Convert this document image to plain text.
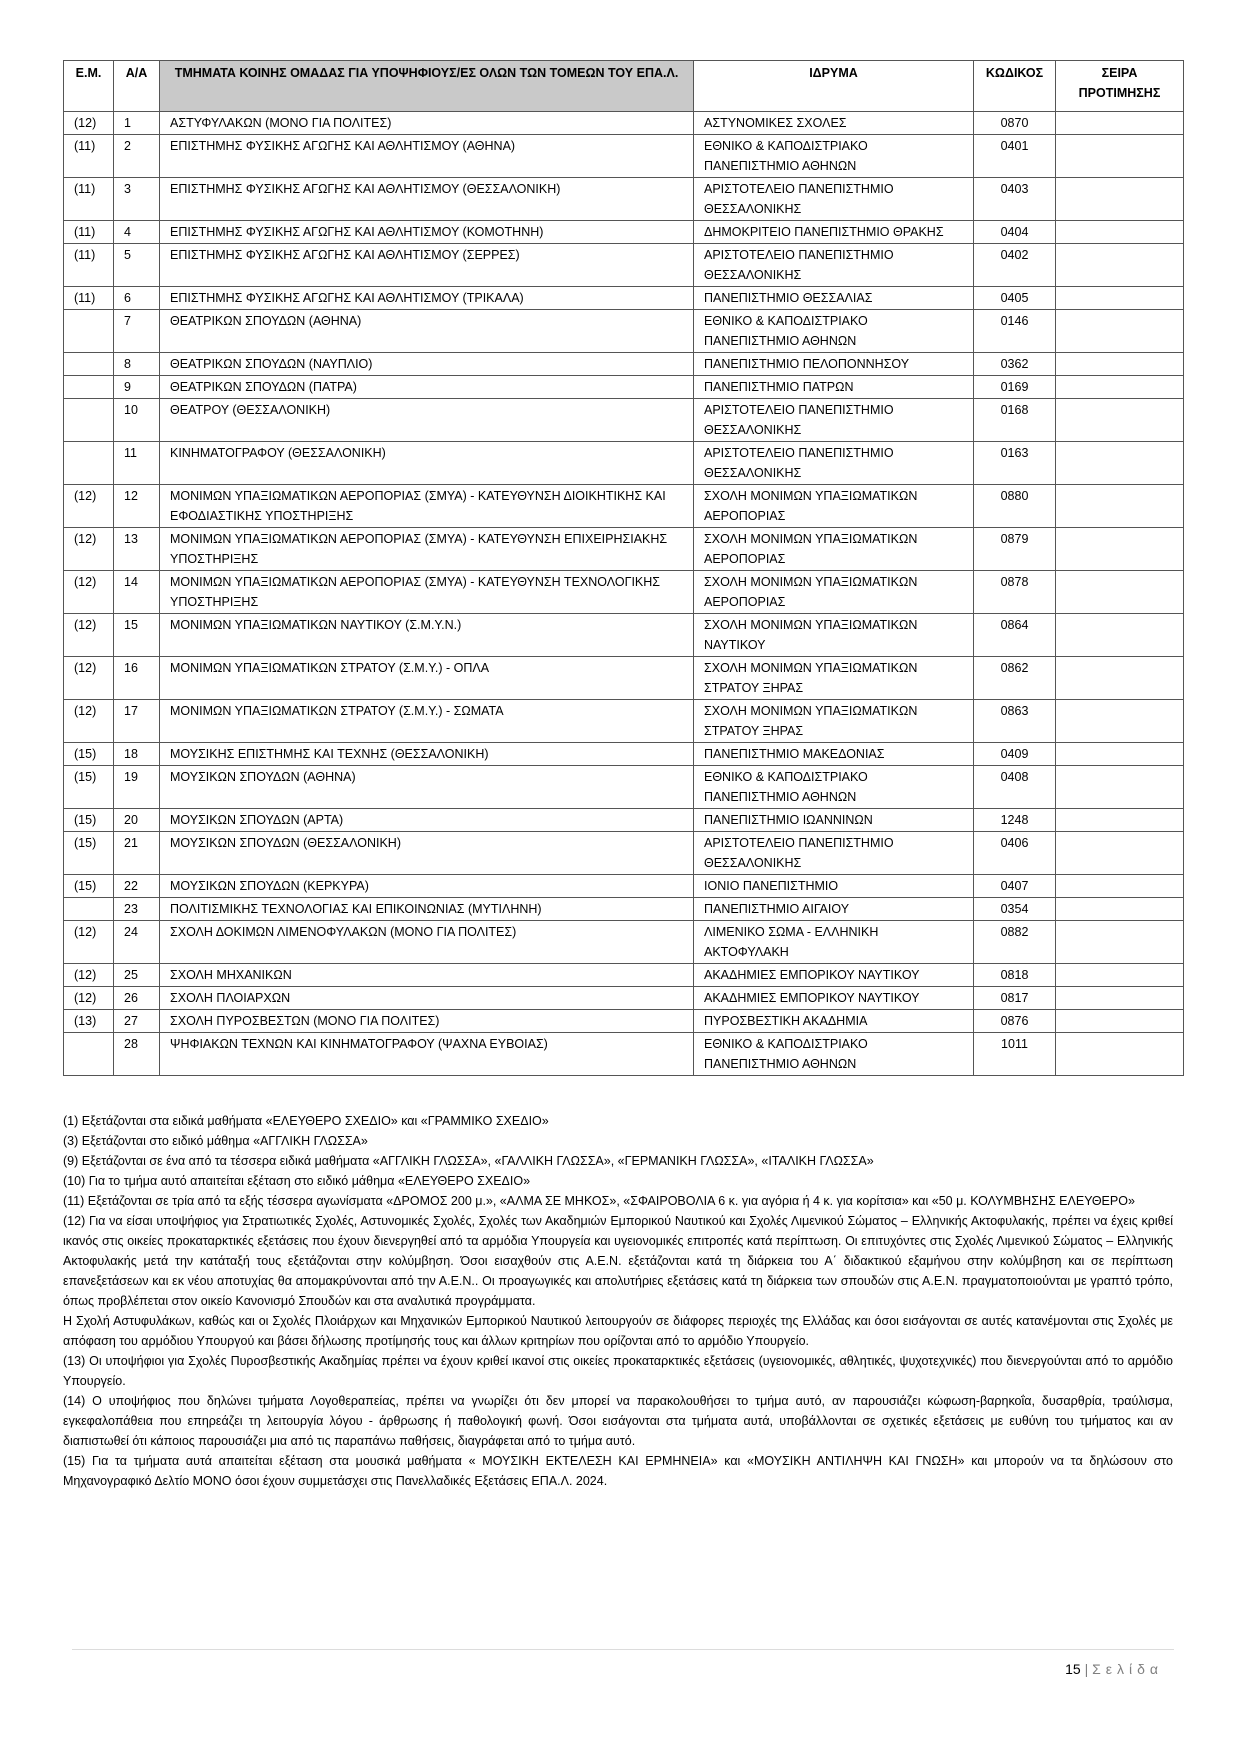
Ε.Μ.	Α/Α	ΤΜΗΜΑΤΑ ΚΟΙΝΗΣ ΟΜΑΔΑΣ ΓΙΑ ΥΠΟΨΗΦΙΟΥΣ/ΕΣ ΟΛΩΝ ΤΩΝ ΤΟΜΕΩΝ ΤΟΥ ΕΠΑ.Λ.	ΙΔΡΥΜΑ	ΚΩΔΙΚΟΣ	ΣΕΙΡΑ ΠΡΟΤΙΜΗΣΗΣ
(12)	1	ΑΣΤΥΦΥΛΑΚΩΝ (ΜΟΝΟ ΓΙΑ ΠΟΛΙΤΕΣ)	ΑΣΤΥΝΟΜΙΚΕΣ ΣΧΟΛΕΣ	0870	
(11)	2	ΕΠΙΣΤΗΜΗΣ ΦΥΣΙΚΗΣ ΑΓΩΓΗΣ ΚΑΙ ΑΘΛΗΤΙΣΜΟΥ (ΑΘΗΝΑ)	ΕΘΝΙΚΟ & ΚΑΠΟΔΙΣΤΡΙΑΚΟ ΠΑΝΕΠΙΣΤΗΜΙΟ ΑΘΗΝΩΝ	0401	
(11)	3	ΕΠΙΣΤΗΜΗΣ ΦΥΣΙΚΗΣ ΑΓΩΓΗΣ ΚΑΙ ΑΘΛΗΤΙΣΜΟΥ (ΘΕΣΣΑΛΟΝΙΚΗ)	ΑΡΙΣΤΟΤΕΛΕΙΟ ΠΑΝΕΠΙΣΤΗΜΙΟ ΘΕΣΣΑΛΟΝΙΚΗΣ	0403	
(11)	4	ΕΠΙΣΤΗΜΗΣ ΦΥΣΙΚΗΣ ΑΓΩΓΗΣ ΚΑΙ ΑΘΛΗΤΙΣΜΟΥ (ΚΟΜΟΤΗΝΗ)	ΔΗΜΟΚΡΙΤΕΙΟ ΠΑΝΕΠΙΣΤΗΜΙΟ ΘΡΑΚΗΣ	0404	
(11)	5	ΕΠΙΣΤΗΜΗΣ ΦΥΣΙΚΗΣ ΑΓΩΓΗΣ ΚΑΙ ΑΘΛΗΤΙΣΜΟΥ (ΣΕΡΡΕΣ)	ΑΡΙΣΤΟΤΕΛΕΙΟ ΠΑΝΕΠΙΣΤΗΜΙΟ ΘΕΣΣΑΛΟΝΙΚΗΣ	0402	
(11)	6	ΕΠΙΣΤΗΜΗΣ ΦΥΣΙΚΗΣ ΑΓΩΓΗΣ ΚΑΙ ΑΘΛΗΤΙΣΜΟΥ (ΤΡΙΚΑΛΑ)	ΠΑΝΕΠΙΣΤΗΜΙΟ ΘΕΣΣΑΛΙΑΣ	0405	
	7	ΘΕΑΤΡΙΚΩΝ ΣΠΟΥΔΩΝ (ΑΘΗΝΑ)	ΕΘΝΙΚΟ & ΚΑΠΟΔΙΣΤΡΙΑΚΟ ΠΑΝΕΠΙΣΤΗΜΙΟ ΑΘΗΝΩΝ	0146	
	8	ΘΕΑΤΡΙΚΩΝ ΣΠΟΥΔΩΝ (ΝΑΥΠΛΙΟ)	ΠΑΝΕΠΙΣΤΗΜΙΟ ΠΕΛΟΠΟΝΝΗΣΟΥ	0362	
	9	ΘΕΑΤΡΙΚΩΝ ΣΠΟΥΔΩΝ (ΠΑΤΡΑ)	ΠΑΝΕΠΙΣΤΗΜΙΟ ΠΑΤΡΩΝ	0169	
	10	ΘΕΑΤΡΟΥ (ΘΕΣΣΑΛΟΝΙΚΗ)	ΑΡΙΣΤΟΤΕΛΕΙΟ ΠΑΝΕΠΙΣΤΗΜΙΟ ΘΕΣΣΑΛΟΝΙΚΗΣ	0168	
	11	ΚΙΝΗΜΑΤΟΓΡΑΦΟΥ (ΘΕΣΣΑΛΟΝΙΚΗ)	ΑΡΙΣΤΟΤΕΛΕΙΟ ΠΑΝΕΠΙΣΤΗΜΙΟ ΘΕΣΣΑΛΟΝΙΚΗΣ	0163	
(12)	12	ΜΟΝΙΜΩΝ ΥΠΑΞΙΩΜΑΤΙΚΩΝ ΑΕΡΟΠΟΡΙΑΣ (ΣΜΥΑ) - ΚΑΤΕΥΘΥΝΣΗ ΔΙΟΙΚΗΤΙΚΗΣ ΚΑΙ ΕΦΟΔΙΑΣΤΙΚΗΣ ΥΠΟΣΤΗΡΙΞΗΣ	ΣΧΟΛΗ ΜΟΝΙΜΩΝ ΥΠΑΞΙΩΜΑΤΙΚΩΝ ΑΕΡΟΠΟΡΙΑΣ	0880	
(12)	13	ΜΟΝΙΜΩΝ ΥΠΑΞΙΩΜΑΤΙΚΩΝ ΑΕΡΟΠΟΡΙΑΣ (ΣΜΥΑ) - ΚΑΤΕΥΘΥΝΣΗ ΕΠΙΧΕΙΡΗΣΙΑΚΗΣ ΥΠΟΣΤΗΡΙΞΗΣ	ΣΧΟΛΗ ΜΟΝΙΜΩΝ ΥΠΑΞΙΩΜΑΤΙΚΩΝ ΑΕΡΟΠΟΡΙΑΣ	0879	
(12)	14	ΜΟΝΙΜΩΝ ΥΠΑΞΙΩΜΑΤΙΚΩΝ ΑΕΡΟΠΟΡΙΑΣ (ΣΜΥΑ) - ΚΑΤΕΥΘΥΝΣΗ ΤΕΧΝΟΛΟΓΙΚΗΣ ΥΠΟΣΤΗΡΙΞΗΣ	ΣΧΟΛΗ ΜΟΝΙΜΩΝ ΥΠΑΞΙΩΜΑΤΙΚΩΝ ΑΕΡΟΠΟΡΙΑΣ	0878	
(12)	15	ΜΟΝΙΜΩΝ ΥΠΑΞΙΩΜΑΤΙΚΩΝ ΝΑΥΤΙΚΟΥ (Σ.Μ.Υ.Ν.)	ΣΧΟΛΗ ΜΟΝΙΜΩΝ ΥΠΑΞΙΩΜΑΤΙΚΩΝ ΝΑΥΤΙΚΟΥ	0864	
(12)	16	ΜΟΝΙΜΩΝ ΥΠΑΞΙΩΜΑΤΙΚΩΝ ΣΤΡΑΤΟΥ (Σ.Μ.Υ.) - ΟΠΛΑ	ΣΧΟΛΗ ΜΟΝΙΜΩΝ ΥΠΑΞΙΩΜΑΤΙΚΩΝ ΣΤΡΑΤΟΥ ΞΗΡΑΣ	0862	
(12)	17	ΜΟΝΙΜΩΝ ΥΠΑΞΙΩΜΑΤΙΚΩΝ ΣΤΡΑΤΟΥ (Σ.Μ.Υ.) - ΣΩΜΑΤΑ	ΣΧΟΛΗ ΜΟΝΙΜΩΝ ΥΠΑΞΙΩΜΑΤΙΚΩΝ ΣΤΡΑΤΟΥ ΞΗΡΑΣ	0863	
(15)	18	ΜΟΥΣΙΚΗΣ ΕΠΙΣΤΗΜΗΣ ΚΑΙ ΤΕΧΝΗΣ (ΘΕΣΣΑΛΟΝΙΚΗ)	ΠΑΝΕΠΙΣΤΗΜΙΟ ΜΑΚΕΔΟΝΙΑΣ	0409	
(15)	19	ΜΟΥΣΙΚΩΝ ΣΠΟΥΔΩΝ (ΑΘΗΝΑ)	ΕΘΝΙΚΟ & ΚΑΠΟΔΙΣΤΡΙΑΚΟ ΠΑΝΕΠΙΣΤΗΜΙΟ ΑΘΗΝΩΝ	0408	
(15)	20	ΜΟΥΣΙΚΩΝ ΣΠΟΥΔΩΝ (ΑΡΤΑ)	ΠΑΝΕΠΙΣΤΗΜΙΟ ΙΩΑΝΝΙΝΩΝ	1248	
(15)	21	ΜΟΥΣΙΚΩΝ ΣΠΟΥΔΩΝ (ΘΕΣΣΑΛΟΝΙΚΗ)	ΑΡΙΣΤΟΤΕΛΕΙΟ ΠΑΝΕΠΙΣΤΗΜΙΟ ΘΕΣΣΑΛΟΝΙΚΗΣ	0406	
(15)	22	ΜΟΥΣΙΚΩΝ ΣΠΟΥΔΩΝ (ΚΕΡΚΥΡΑ)	ΙΟΝΙΟ ΠΑΝΕΠΙΣΤΗΜΙΟ	0407	
	23	ΠΟΛΙΤΙΣΜΙΚΗΣ ΤΕΧΝΟΛΟΓΙΑΣ ΚΑΙ ΕΠΙΚΟΙΝΩΝΙΑΣ (ΜΥΤΙΛΗΝΗ)	ΠΑΝΕΠΙΣΤΗΜΙΟ ΑΙΓΑΙΟΥ	0354	
(12)	24	ΣΧΟΛΗ ΔΟΚΙΜΩΝ ΛΙΜΕΝΟΦΥΛΑΚΩΝ (ΜΟΝΟ ΓΙΑ ΠΟΛΙΤΕΣ)	ΛΙΜΕΝΙΚΟ ΣΩΜΑ - ΕΛΛΗΝΙΚΗ ΑΚΤΟΦΥΛΑΚΗ	0882	
(12)	25	ΣΧΟΛΗ ΜΗΧΑΝΙΚΩΝ	ΑΚΑΔΗΜΙΕΣ ΕΜΠΟΡΙΚΟΥ ΝΑΥΤΙΚΟΥ	0818	
(12)	26	ΣΧΟΛΗ ΠΛΟΙΑΡΧΩΝ	ΑΚΑΔΗΜΙΕΣ ΕΜΠΟΡΙΚΟΥ ΝΑΥΤΙΚΟΥ	0817	
(13)	27	ΣΧΟΛΗ ΠΥΡΟΣΒΕΣΤΩΝ (ΜΟΝΟ ΓΙΑ ΠΟΛΙΤΕΣ)	ΠΥΡΟΣΒΕΣΤΙΚΗ ΑΚΑΔΗΜΙΑ	0876	
	28	ΨΗΦΙΑΚΩΝ ΤΕΧΝΩΝ ΚΑΙ ΚΙΝΗΜΑΤΟΓΡΑΦΟΥ (ΨΑΧΝΑ ΕΥΒΟΙΑΣ)	ΕΘΝΙΚΟ & ΚΑΠΟΔΙΣΤΡΙΑΚΟ ΠΑΝΕΠΙΣΤΗΜΙΟ ΑΘΗΝΩΝ	1011	

(1) Εξετάζονται στα ειδικά μαθήματα «ΕΛΕΥΘΕΡΟ ΣΧΕΔΙΟ» και «ΓΡΑΜΜΙΚΟ ΣΧΕΔΙΟ»

(3) Εξετάζονται στο ειδικό μάθημα «ΑΓΓΛΙΚΗ ΓΛΩΣΣΑ»

(9) Εξετάζονται σε ένα από τα τέσσερα ειδικά μαθήματα «ΑΓΓΛΙΚΗ ΓΛΩΣΣΑ», «ΓΑΛΛΙΚΗ ΓΛΩΣΣΑ», «ΓΕΡΜΑΝΙΚΗ ΓΛΩΣΣΑ», «ΙΤΑΛΙΚΗ ΓΛΩΣΣΑ»

(10) Για το τμήμα αυτό απαιτείται εξέταση στο ειδικό μάθημα «ΕΛΕΥΘΕΡΟ ΣΧΕΔΙΟ»

(11) Εξετάζονται σε τρία από τα εξής τέσσερα αγωνίσματα «ΔΡΟΜΟΣ 200 μ.», «ΑΛΜΑ ΣΕ ΜΗΚΟΣ», «ΣΦΑΙΡΟΒΟΛΙΑ 6 κ. για αγόρια ή 4 κ. για κορίτσια» και «50 μ. ΚΟΛΥΜΒΗΣΗΣ ΕΛΕΥΘΕΡΟ»

(12) Για να είσαι υποψήφιος για Στρατιωτικές Σχολές, Αστυνομικές Σχολές, Σχολές των Ακαδημιών Εμπορικού Ναυτικού και Σχολές Λιμενικού Σώματος – Ελληνικής Ακτοφυλακής, πρέπει να έχεις κριθεί ικανός στις οικείες προκαταρκτικές εξετάσεις που έχουν διενεργηθεί από τα αρμόδια Υπουργεία και υγειονομικές επιτροπές κατά περίπτωση. Οι επιτυχόντες στις Σχολές Λιμενικού Σώματος – Ελληνικής Ακτοφυλακής μετά την κατάταξή τους εξετάζονται στην κολύμβηση. Όσοι εισαχθούν στις Α.Ε.Ν. εξετάζονται κατά τη διάρκεια του Α΄ διδακτικού εξαμήνου στην κολύμβηση και σε περίπτωση επανεξετάσεων και εκ νέου αποτυχίας θα απομακρύνονται από την Α.Ε.Ν.. Οι προαγωγικές και απολυτήριες εξετάσεις κατά τη διάρκεια των σπουδών στις Α.Ε.Ν. πραγματοποιούνται με γραπτό τρόπο, όπως προβλέπεται στον οικείο Κανονισμό Σπουδών και στα αναλυτικά προγράμματα.

Η Σχολή Αστυφυλάκων, καθώς και οι Σχολές Πλοιάρχων και Μηχανικών Εμπορικού Ναυτικού λειτουργούν σε διάφορες περιοχές της Ελλάδας και όσοι εισάγονται σε αυτές κατανέμονται στις Σχολές με απόφαση του αρμόδιου Υπουργού και βάσει δήλωσης προτίμησής τους και άλλων κριτηρίων που ορίζονται από το αρμόδιο Υπουργείο.

(13) Οι υποψήφιοι για Σχολές Πυροσβεστικής Ακαδημίας πρέπει να έχουν κριθεί ικανοί στις οικείες προκαταρκτικές εξετάσεις (υγειονομικές, αθλητικές, ψυχοτεχνικές) που διενεργούνται από το αρμόδιο Υπουργείο.

(14) Ο υποψήφιος που δηλώνει τμήματα Λογοθεραπείας, πρέπει να γνωρίζει ότι δεν μπορεί να παρακολουθήσει το τμήμα αυτό, αν παρουσιάζει κώφωση-βαρηκοΐα, δυσαρθρία, τραύλισμα, εγκεφαλοπάθεια που επηρεάζει τη λειτουργία λόγου - άρθρωσης ή παθολογική φωνή. Όσοι εισάγονται στα τμήματα αυτά, υποβάλλονται σε σχετικές εξετάσεις με ευθύνη του τμήματος και αν διαπιστωθεί ότι κάποιος παρουσιάζει μια από τις παραπάνω παθήσεις, διαγράφεται από το τμήμα αυτό.

(15) Για τα τμήματα αυτά απαιτείται εξέταση στα μουσικά μαθήματα « ΜΟΥΣΙΚΗ ΕΚΤΕΛΕΣΗ ΚΑΙ ΕΡΜΗΝΕΙΑ» και «ΜΟΥΣΙΚΗ ΑΝΤΙΛΗΨΗ ΚΑΙ ΓΝΩΣΗ» και μπορούν να τα δηλώσουν στο Μηχανογραφικό Δελτίο ΜΟΝΟ όσοι έχουν συμμετάσχει στις Πανελλαδικές Εξετάσεις ΕΠΑ.Λ. 2024.

15 | Σελίδα
